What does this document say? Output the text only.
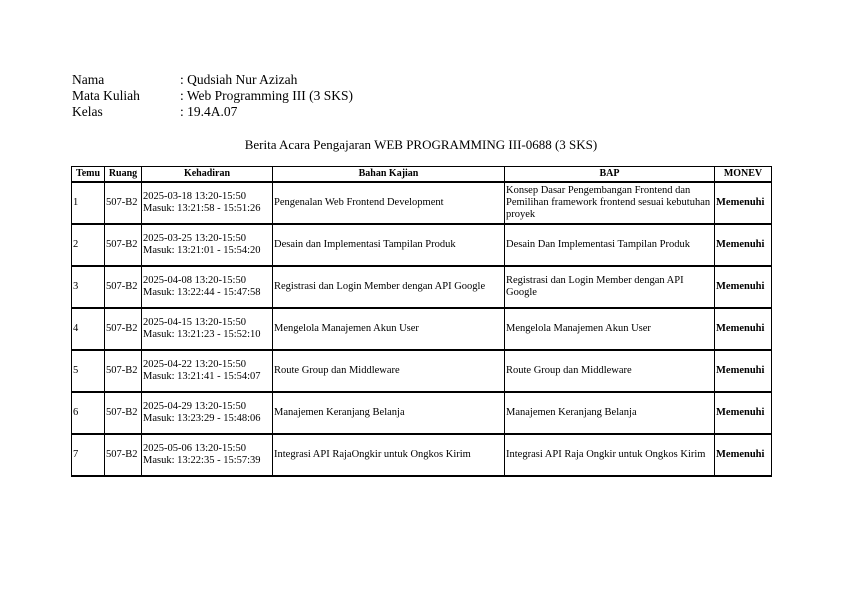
Nama	: Qudsiah Nur Azizah
Mata Kuliah	: Web Programming III (3 SKS)
Kelas	: 19.4A.07
Berita Acara Pengajaran WEB PROGRAMMING III-0688 (3 SKS)
Temu	Ruang	Kehadiran	Bahan Kajian	BAP	MONEV
1	507-B2	2025-03-18 13:20-15:50 Masuk: 13:21:58 - 15:51:26	Pengenalan Web Frontend Development	Konsep Dasar Pengembangan Frontend dan Pemilihan framework frontend sesuai kebutuhan proyek	Memenuhi
2	507-B2	2025-03-25 13:20-15:50 Masuk: 13:21:01 - 15:54:20	Desain dan Implementasi Tampilan Produk	Desain Dan Implementasi Tampilan Produk	Memenuhi
3	507-B2	2025-04-08 13:20-15:50 Masuk: 13:22:44 - 15:47:58	Registrasi dan Login Member dengan API Google	Registrasi dan Login Member dengan API Google	Memenuhi
4	507-B2	2025-04-15 13:20-15:50 Masuk: 13:21:23 - 15:52:10	Mengelola Manajemen Akun User	Mengelola Manajemen Akun User	Memenuhi
5	507-B2	2025-04-22 13:20-15:50 Masuk: 13:21:41 - 15:54:07	Route Group dan Middleware	Route Group dan Middleware	Memenuhi
6	507-B2	2025-04-29 13:20-15:50 Masuk: 13:23:29 - 15:48:06	Manajemen Keranjang Belanja	Manajemen Keranjang Belanja	Memenuhi
7	507-B2	2025-05-06 13:20-15:50 Masuk: 13:22:35 - 15:57:39	Integrasi API RajaOngkir untuk Ongkos Kirim	Integrasi API Raja Ongkir untuk Ongkos Kirim	Memenuhi
